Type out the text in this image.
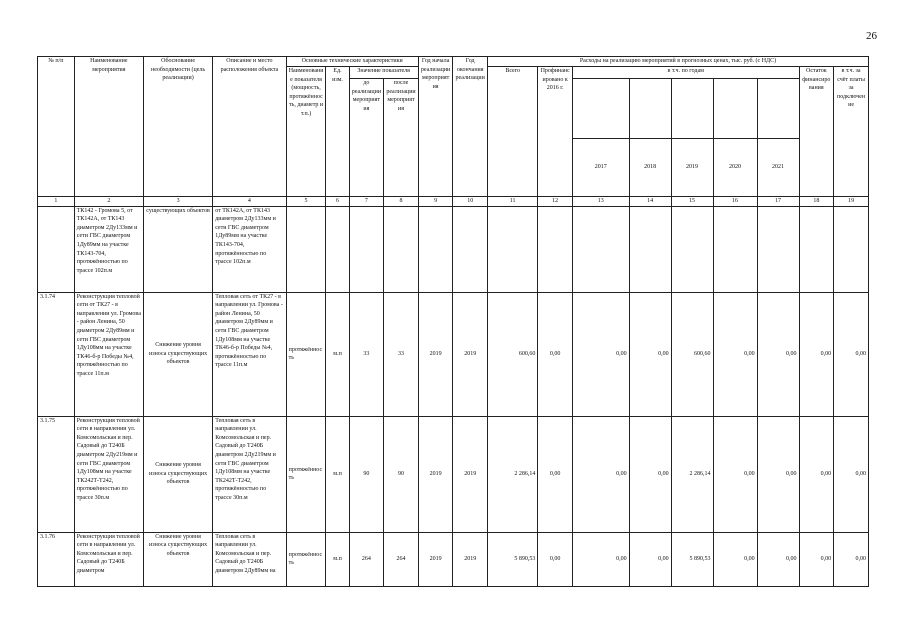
26
№ п/п	Наименование мероприятия	Обоснование необходимости (цель реализации)	Описание и место расположения объекта	Основные технические характеристики				Год начала реализации мероприятия	Год окончания реализации	Расходы на реализацию мероприятий в прогнозных ценах, тыс. руб. (с НДС)								
				Наименование показателя (мощность, протяжённость, диаметр и т.п.)	Ед. изм.	Значение показателя				Всего	Профинансировано к 2016 г.	в т.ч. по годам					Остаток финансирования	в т.ч. за счёт платы за подключение
						до реализации мероприятия	после реализации мероприятия											
												2017	2018	2019	2020	2021		
1	2	3	4	5	6	7	8	9	10	11	12	13	14	15	16	17	18	19
	ТК142 - Громова 5, от ТК142А, от ТК143 диаметром 2Ду133мм и сети ГВС диаметром 1Ду89мм на участке ТК143-704, протяжённостью по трассе 102п.м	существующих объектов	от ТК142А, от ТК143 диаметром 2Ду133мм и сети ГВС диаметром 1Ду89мм на участке ТК143-704, протяжённостью по трассе 102п.м															
3.1.74	Реконструкция тепловой сети от ТК27 - в направлении ул. Громова - район Ленина, 50 диаметром 2Ду89мм и сети ГВС диаметром 1Ду108мм на участке ТК46-б-р Победы №4, протяжённостью по трассе 11п.м	Снижение уровня износа существующих объектов	Тепловая сеть от ТК27 - в направлении ул. Громова - район Ленина, 50 диаметром 2Ду89мм и сети ГВС диаметром 1Ду108мм на участке ТК46-б-р Победы №4, протяжённостью по трассе 11п.м	протяжённость	м.п	33	33	2019	2019	600,60	0,00	0,00	0,00	600,60	0,00	0,00	0,00	0,00
3.1.75	Реконструкция тепловой сети в направлении ул. Комсомольская и пер. Садовый до Т240Б диаметром 2Ду219мм и сети ГВС диаметром 1Ду108мм на участке ТК242Т-Т242, протяжённостью по трассе 30п.м	Снижение уровня износа существующих объектов	Тепловая сеть в направлении ул. Комсомольская и пер. Садовый до Т240Б диаметром 2Ду219мм и сети ГВС диаметром 1Ду108мм на участке ТК242Т-Т242, протяжённостью по трассе 30п.м	протяжённость	м.п	90	90	2019	2019	2 286,14	0,00	0,00	0,00	2 286,14	0,00	0,00	0,00	0,00
3.1.76	Реконструкция тепловой сети в направлении ул. Комсомольская и пер. Садовый до Т240Б диаметром	Снижение уровня износа существующих объектов	Тепловая сеть в направлении ул. Комсомольская и пер. Садовый до Т240Б диаметром 2Ду89мм на	протяжённость	м.п	264	264	2019	2019	5 890,53	0,00	0,00	0,00	5 890,53	0,00	0,00	0,00	0,00
